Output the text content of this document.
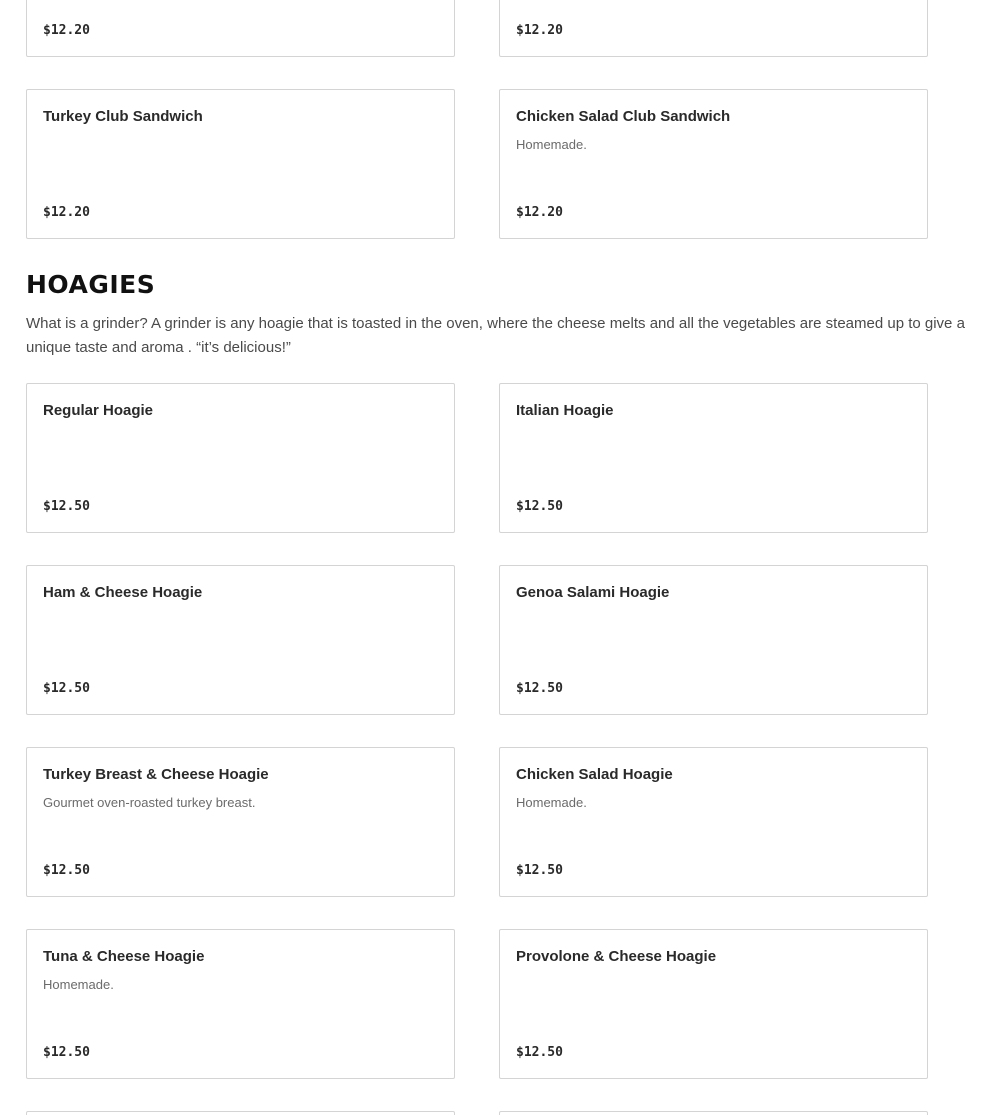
$12.20	$12.20
Turkey Club Sandwich
$12.20
Chicken Salad Club Sandwich
Homemade.
$12.20
HOAGIES

What is a grinder? A grinder is any hoagie that is toasted in the oven, where the cheese melts and all the vegetables are steamed up to give a unique taste and aroma . “it’s delicious!”

Regular Hoagie
$12.50
Italian Hoagie
$12.50
Ham & Cheese Hoagie
$12.50
Genoa Salami Hoagie
$12.50
Turkey Breast & Cheese Hoagie
Gourmet oven-roasted turkey breast.
$12.50
Chicken Salad Hoagie
Homemade.
$12.50
Tuna & Cheese Hoagie
Homemade.
$12.50
Provolone & Cheese Hoagie
$12.50
